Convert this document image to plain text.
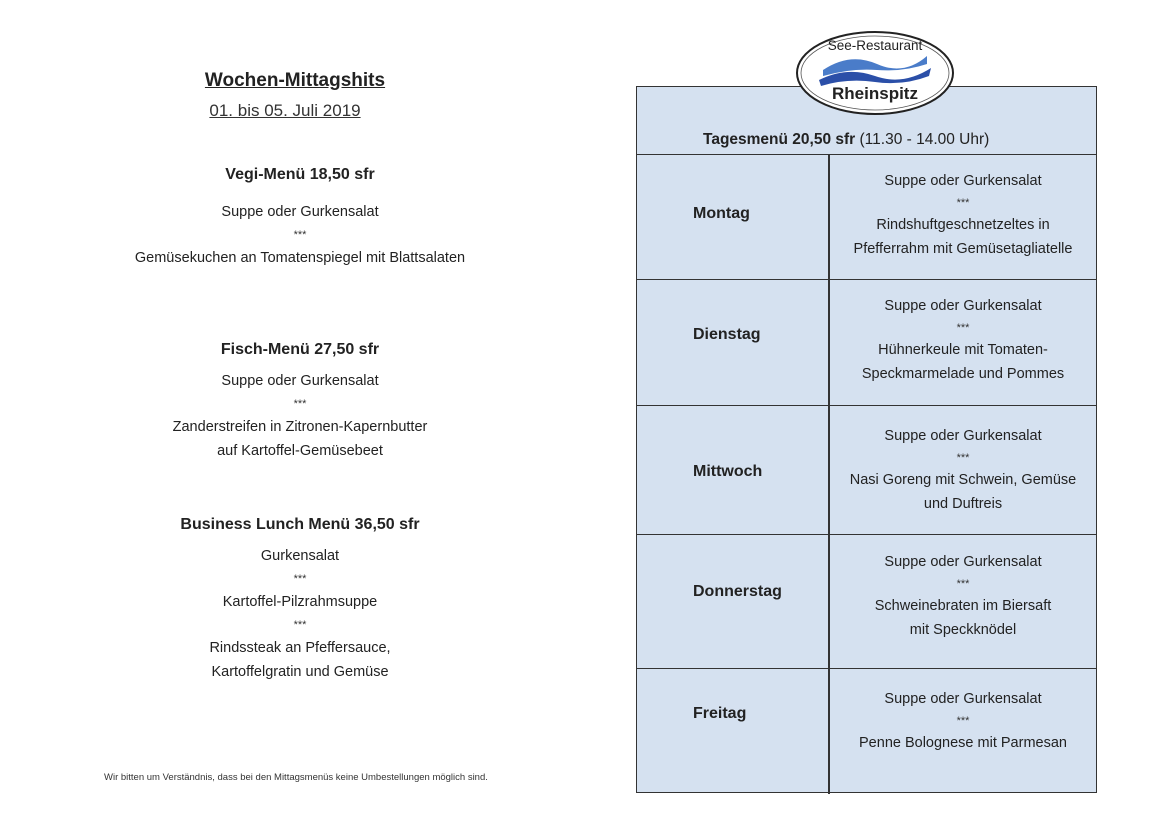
Wochen-Mittagshits
01. bis 05. Juli 2019
Vegi-Menü 18,50 sfr
Suppe oder Gurkensalat
***
Gemüsekuchen an Tomatenspiegel mit Blattsalaten
Fisch-Menü 27,50 sfr
Suppe oder Gurkensalat
***
Zanderstreifen in Zitronen-Kapernbutter
auf Kartoffel-Gemüsebeet
Business Lunch Menü 36,50 sfr
Gurkensalat
***
Kartoffel-Pilzrahmsuppe
***
Rindssteak an Pfeffersauce,
Kartoffelgratin und Gemüse
Wir bitten um Verständnis, dass bei den Mittagsmenüs keine Umbestellungen möglich sind.
Tagesmenü 20,50 sfr (11.30 - 14.00 Uhr)
Montag
Suppe oder Gurkensalat
***
Rindshuftgeschnetzeltes in
Pfefferrahm mit Gemüsetagliatelle
Dienstag
Suppe oder Gurkensalat
***
Hühnerkeule mit Tomaten-
Speckmarmelade und Pommes
Mittwoch
Suppe oder Gurkensalat
***
Nasi Goreng mit Schwein, Gemüse
und Duftreis
Donnerstag
Suppe oder Gurkensalat
***
Schweinebraten im Biersaft
mit Speckknödel
Freitag
Suppe oder Gurkensalat
***
Penne Bolognese mit Parmesan
See-Restaurant
Rheinspitz
